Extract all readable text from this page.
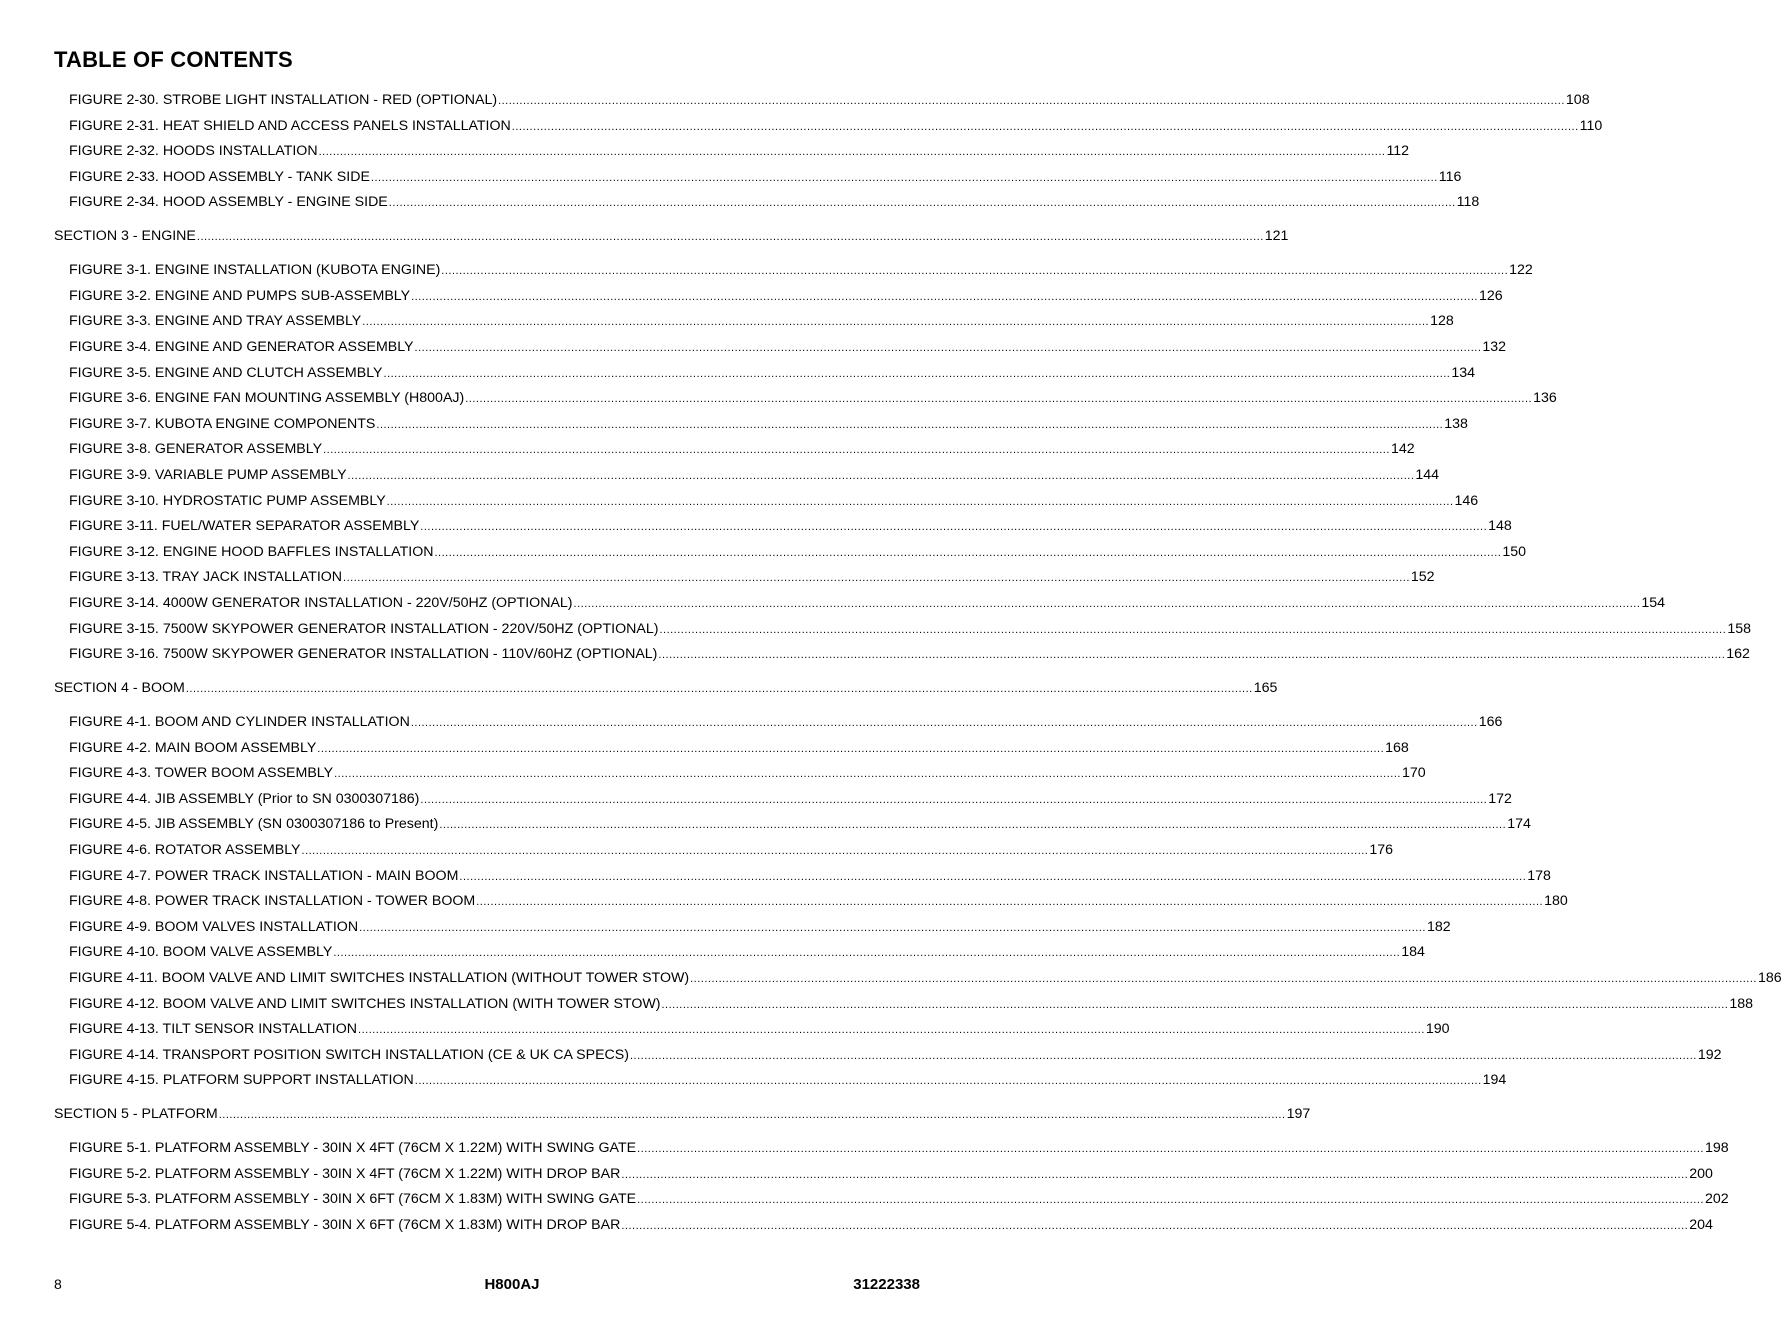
TABLE OF CONTENTS
FIGURE 2-30. STROBE LIGHT INSTALLATION - RED (OPTIONAL) ............................................................................................................................................................................................................................................................................................................ 108
FIGURE 2-31. HEAT SHIELD AND ACCESS PANELS INSTALLATION ............................................................................................................................................................................................................................................................................................................ 110
FIGURE 2-32. HOODS INSTALLATION ............................................................................................................................................................................................................................................................................................................ 112
FIGURE 2-33. HOOD ASSEMBLY - TANK SIDE ............................................................................................................................................................................................................................................................................................................ 116
FIGURE 2-34. HOOD ASSEMBLY - ENGINE SIDE ............................................................................................................................................................................................................................................................................................................ 118
SECTION 3 - ENGINE ............................................................................................................................................................................................................................................................................................................ 121
FIGURE 3-1. ENGINE INSTALLATION (KUBOTA ENGINE) ............................................................................................................................................................................................................................................................................................................ 122
FIGURE 3-2. ENGINE AND PUMPS SUB-ASSEMBLY ............................................................................................................................................................................................................................................................................................................ 126
FIGURE 3-3. ENGINE AND TRAY ASSEMBLY ............................................................................................................................................................................................................................................................................................................ 128
FIGURE 3-4. ENGINE AND GENERATOR ASSEMBLY ............................................................................................................................................................................................................................................................................................................ 132
FIGURE 3-5. ENGINE AND CLUTCH ASSEMBLY ............................................................................................................................................................................................................................................................................................................ 134
FIGURE 3-6. ENGINE FAN MOUNTING ASSEMBLY (H800AJ) ............................................................................................................................................................................................................................................................................................................ 136
FIGURE 3-7. KUBOTA ENGINE COMPONENTS ............................................................................................................................................................................................................................................................................................................ 138
FIGURE 3-8. GENERATOR ASSEMBLY ............................................................................................................................................................................................................................................................................................................ 142
FIGURE 3-9. VARIABLE PUMP ASSEMBLY ............................................................................................................................................................................................................................................................................................................ 144
FIGURE 3-10. HYDROSTATIC PUMP ASSEMBLY ............................................................................................................................................................................................................................................................................................................ 146
FIGURE 3-11. FUEL/WATER SEPARATOR ASSEMBLY ............................................................................................................................................................................................................................................................................................................ 148
FIGURE 3-12. ENGINE HOOD BAFFLES INSTALLATION ............................................................................................................................................................................................................................................................................................................ 150
FIGURE 3-13. TRAY JACK INSTALLATION ............................................................................................................................................................................................................................................................................................................ 152
FIGURE 3-14. 4000W GENERATOR INSTALLATION - 220V/50HZ (OPTIONAL) ............................................................................................................................................................................................................................................................................................................ 154
FIGURE 3-15. 7500W SKYPOWER GENERATOR INSTALLATION - 220V/50HZ (OPTIONAL) ............................................................................................................................................................................................................................................................................................................ 158
FIGURE 3-16. 7500W SKYPOWER GENERATOR INSTALLATION - 110V/60HZ (OPTIONAL) ............................................................................................................................................................................................................................................................................................................ 162
SECTION 4 - BOOM ............................................................................................................................................................................................................................................................................................................ 165
FIGURE 4-1. BOOM AND CYLINDER INSTALLATION ............................................................................................................................................................................................................................................................................................................ 166
FIGURE 4-2. MAIN BOOM ASSEMBLY ............................................................................................................................................................................................................................................................................................................ 168
FIGURE 4-3. TOWER BOOM ASSEMBLY ............................................................................................................................................................................................................................................................................................................ 170
FIGURE 4-4. JIB ASSEMBLY (Prior to SN 0300307186) ............................................................................................................................................................................................................................................................................................................ 172
FIGURE 4-5. JIB ASSEMBLY (SN 0300307186 to Present) ............................................................................................................................................................................................................................................................................................................ 174
FIGURE 4-6. ROTATOR ASSEMBLY ............................................................................................................................................................................................................................................................................................................ 176
FIGURE 4-7. POWER TRACK INSTALLATION - MAIN BOOM ............................................................................................................................................................................................................................................................................................................ 178
FIGURE 4-8. POWER TRACK INSTALLATION - TOWER BOOM ............................................................................................................................................................................................................................................................................................................ 180
FIGURE 4-9. BOOM VALVES INSTALLATION ............................................................................................................................................................................................................................................................................................................ 182
FIGURE 4-10. BOOM VALVE ASSEMBLY ............................................................................................................................................................................................................................................................................................................ 184
FIGURE 4-11. BOOM VALVE AND LIMIT SWITCHES INSTALLATION (WITHOUT TOWER STOW) ............................................................................................................................................................................................................................................................................................................ 186
FIGURE 4-12. BOOM VALVE AND LIMIT SWITCHES INSTALLATION (WITH TOWER STOW) ............................................................................................................................................................................................................................................................................................................ 188
FIGURE 4-13. TILT SENSOR INSTALLATION ............................................................................................................................................................................................................................................................................................................ 190
FIGURE 4-14. TRANSPORT POSITION SWITCH INSTALLATION (CE & UK CA SPECS) ............................................................................................................................................................................................................................................................................................................ 192
FIGURE 4-15. PLATFORM SUPPORT INSTALLATION ............................................................................................................................................................................................................................................................................................................ 194
SECTION 5 - PLATFORM ............................................................................................................................................................................................................................................................................................................ 197
FIGURE 5-1. PLATFORM ASSEMBLY - 30IN X 4FT (76CM X 1.22M) WITH SWING GATE ............................................................................................................................................................................................................................................................................................................ 198
FIGURE 5-2. PLATFORM ASSEMBLY - 30IN X 4FT (76CM X 1.22M) WITH DROP BAR ............................................................................................................................................................................................................................................................................................................ 200
FIGURE 5-3. PLATFORM ASSEMBLY - 30IN X 6FT (76CM X 1.83M) WITH SWING GATE ............................................................................................................................................................................................................................................................................................................ 202
FIGURE 5-4. PLATFORM ASSEMBLY - 30IN X 6FT (76CM X 1.83M) WITH DROP BAR ............................................................................................................................................................................................................................................................................................................ 204
8	H800AJ	31222338
